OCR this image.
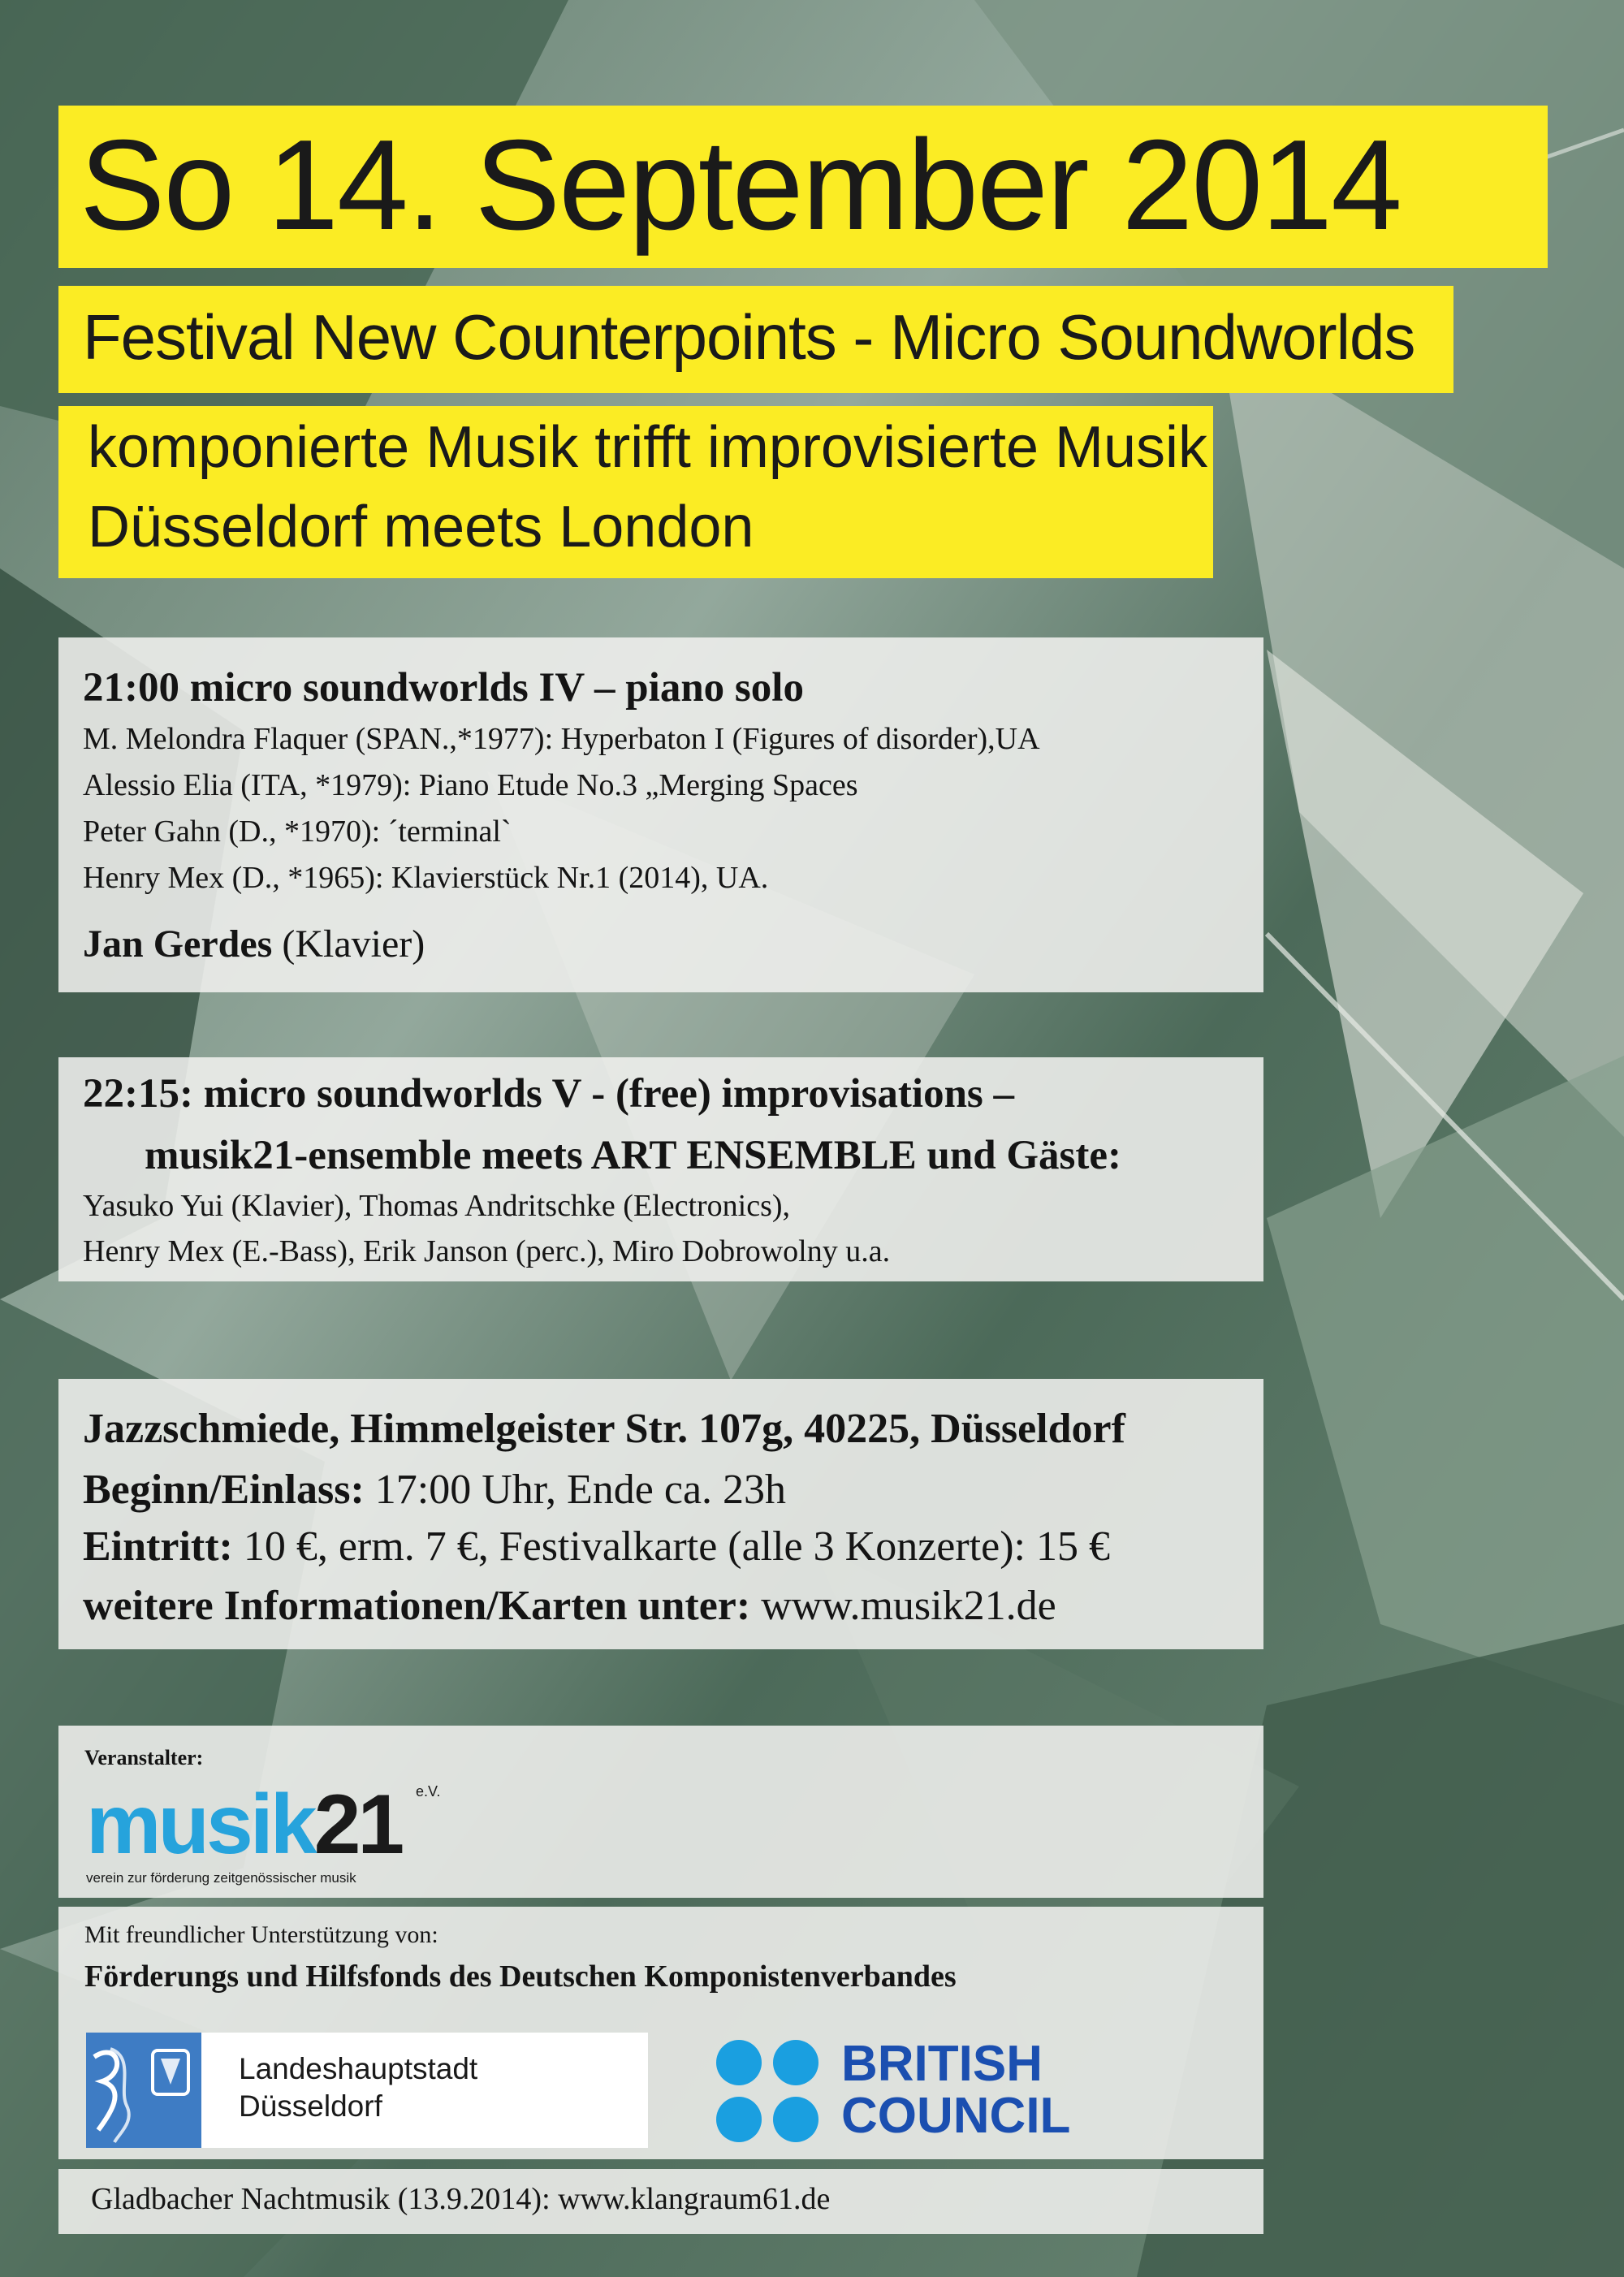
So 14. September 2014
Festival New Counterpoints - Micro Soundworlds
komponierte Musik trifft improvisierte Musik
Düsseldorf meets London
21:00 micro soundworlds IV – piano solo
M. Melondra Flaquer (SPAN.,*1977): Hyperbaton I (Figures of disorder),UA
Alessio Elia (ITA, *1979): Piano Etude No.3 „Merging Spaces
Peter Gahn (D., *1970): ´terminal`
Henry Mex (D., *1965): Klavierstück Nr.1 (2014), UA.
Jan Gerdes (Klavier)
22:15: micro soundworlds V - (free) improvisations –
musik21-ensemble meets ART ENSEMBLE und Gäste:
Yasuko Yui (Klavier), Thomas Andritschke (Electronics),
Henry Mex (E.-Bass), Erik Janson (perc.), Miro Dobrowolny u.a.
Jazzschmiede, Himmelgeister Str. 107g, 40225, Düsseldorf
Beginn/Einlass: 17:00 Uhr, Ende ca. 23h
Eintritt: 10 €, erm. 7 €, Festivalkarte (alle 3 Konzerte): 15 €
weitere Informationen/Karten unter: www.musik21.de
Veranstalter:
musik21
verein zur förderung zeitgenössischer musik
e.V.
Mit freundlicher Unterstützung von:
Förderungs und Hilfsfonds des Deutschen Komponistenverbandes
Landeshauptstadt
Düsseldorf
BRITISH
COUNCIL
Gladbacher Nachtmusik (13.9.2014): www.klangraum61.de
